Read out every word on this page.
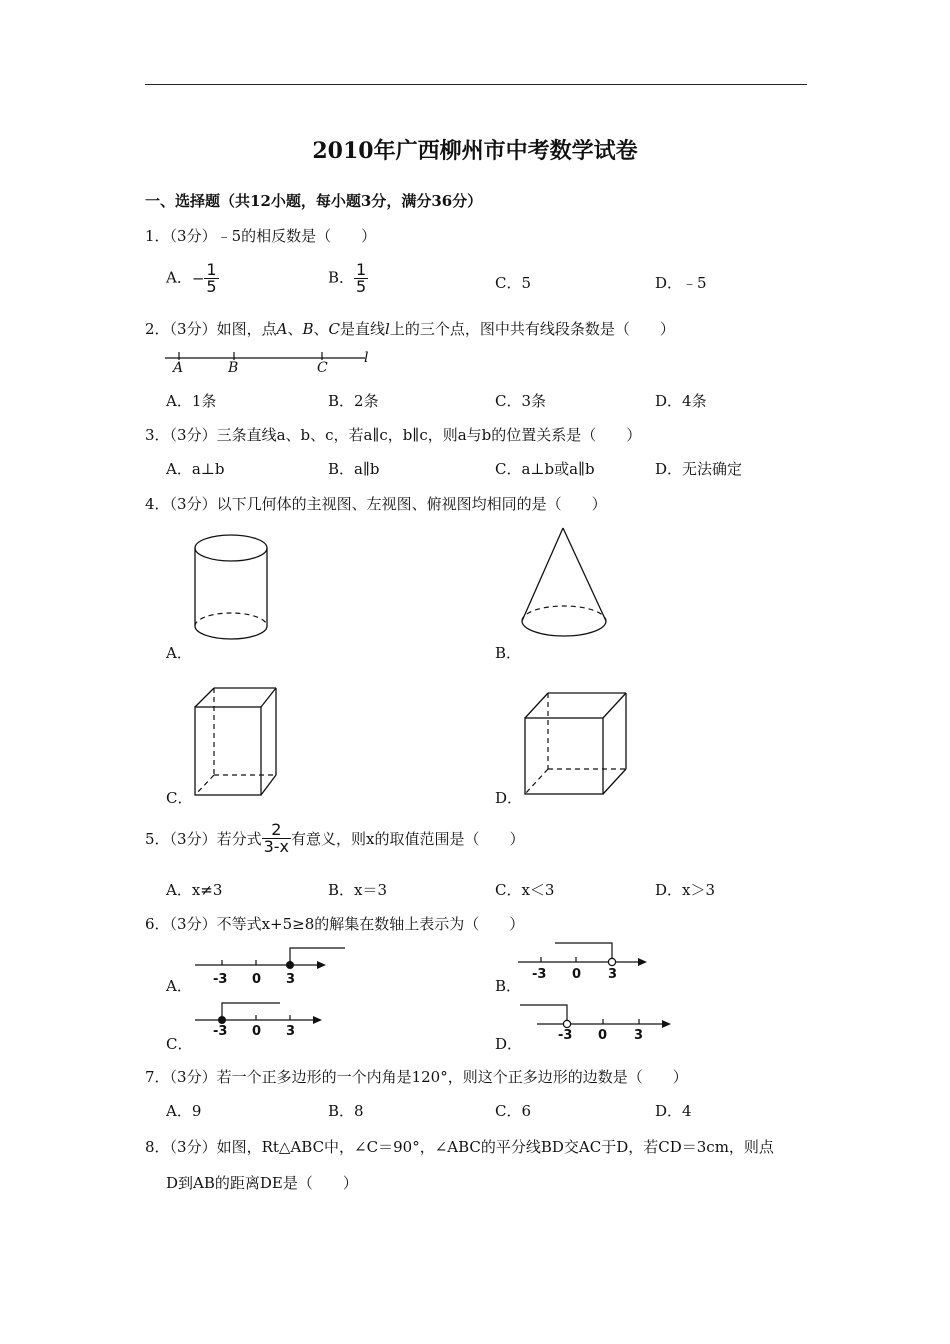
2010年广西柳州市中考数学试卷
一、选择题（共12小题，每小题3分，满分36分）
1．（3分）﹣5的相反数是（　　）
A．− $\frac{1}{5}$	B． $\frac{1}{5}$	C．5	D．﹣5
2．（3分）如图，点A、B、C是直线l上的三个点，图中共有线段条数是（　　）
A	B	C
l
A．1条	B．2条	C．3条	D．4条
3．（3分）三条直线a、b、c，若a∥c，b∥c，则a与b的位置关系是（　　）
A．a⊥b	B．a∥b	C．a⊥b或a∥b	D．无法确定
4．（3分）以下几何体的主视图、左视图、俯视图均相同的是（　　）
A．	B．
C．	D．
5．（3分）若分式 $\frac{2}{3-x}$ 有意义，则x的取值范围是（　　）
A．x≠3	B．x＝3	C．x＜3	D．x＞3
6．（3分）不等式x+5≥8的解集在数轴上表示为（　　）
-3 0 3
A．
-3 0 3
B．
-3 0 3
C．	-3 0 3
D．
7．（3分）若一个正多边形的一个内角是120°，则这个正多边形的边数是（　　）
A．9	B．8	C．6	D．4
8．（3分）如图，Rt△ABC中，∠C＝90°，∠ABC的平分线BD交AC于D，若CD＝3cm，则点
D到AB的距离DE是（　　）
